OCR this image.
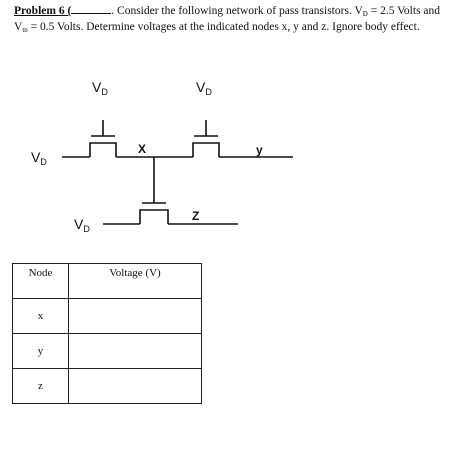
Problem 6 (	. Consider the following network of pass transistors. $V_D = 2.5$ Volts and $V_{tn} = 0.5$ Volts. Determine voltages at the indicated nodes x, y and z. Ignore body effect.
$V_D$	$V_D$
$V_D$
$V_D$
X	y
Z
Node	Voltage (V)
x	
y	
z	
